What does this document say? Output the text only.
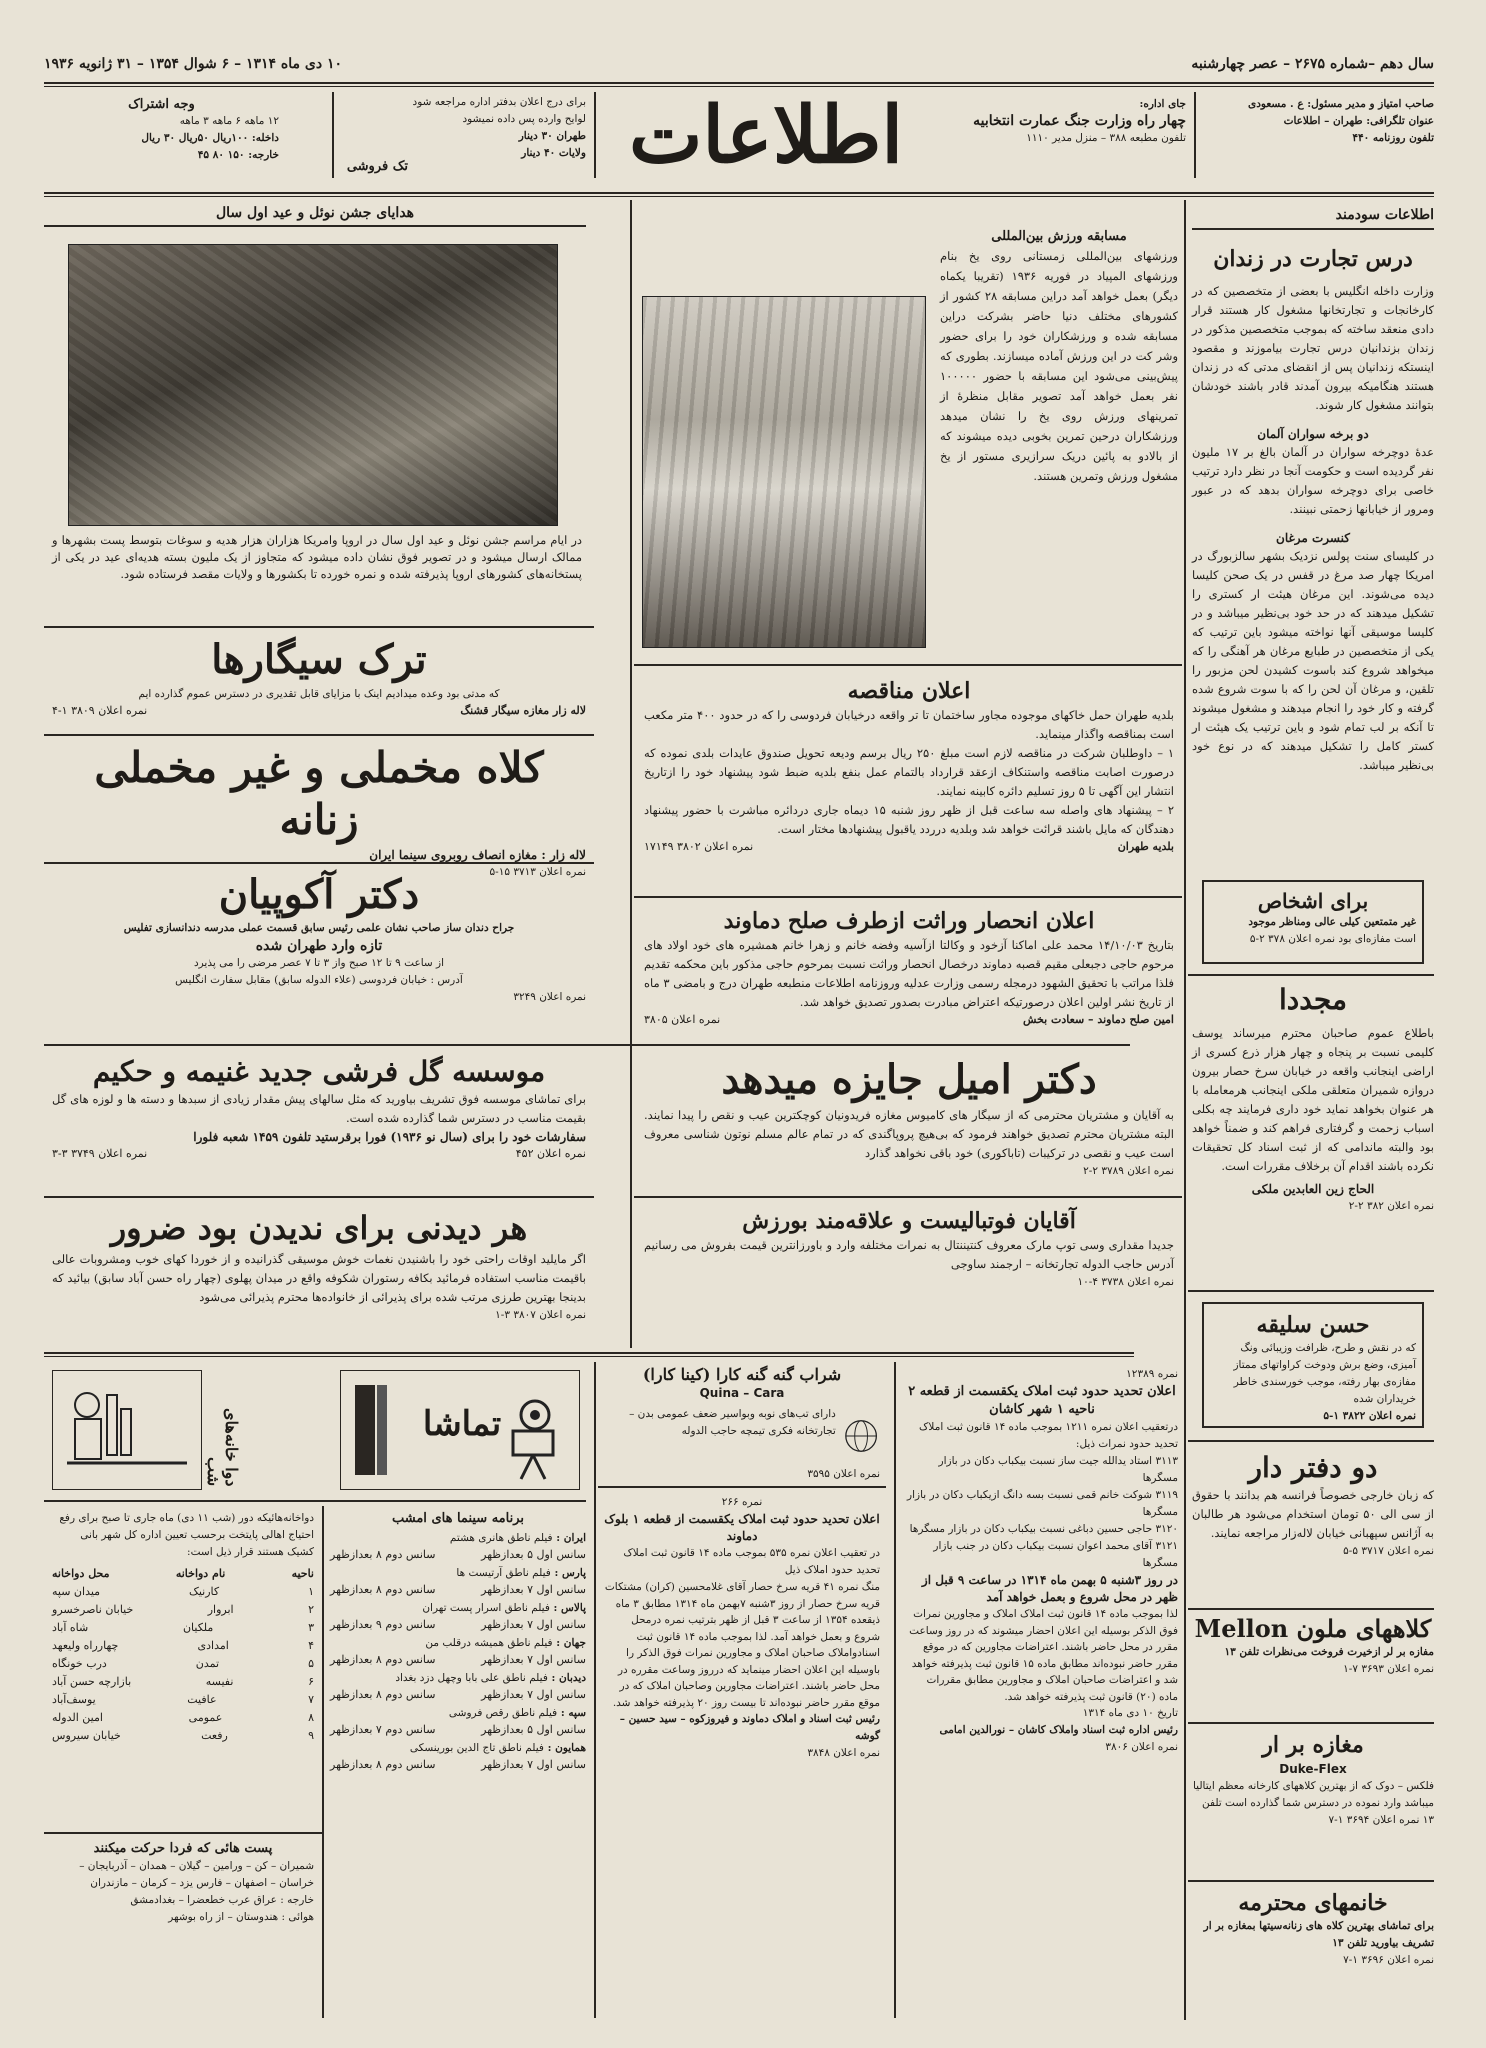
سال دهم –شماره ۲۶۷۵ – عصر چهارشنبه
۱۰ دی ماه ۱۳۱۴ – ۶ شوال ۱۳۵۴ – ۳۱ ژانویه ۱۹۳۶
صاحب امتیاز و مدیر مسئول: ع . مسعودی
عنوان تلگرافی: طهران – اطلاعات
تلفون روزنامه ۴۴۰
جای اداره:
چهار راه وزارت جنگ عمارت انتخابیه
تلفون مطبعه ۳۸۸ – منزل مدیر ۱۱۱۰
اطلاعات
برای درج اعلان بدفتر اداره مراجعه شود
لوایح وارده پس داده نمیشود
طهران ۳۰ دینار
ولایات ۴۰ دینار
تک فروشی
وجه اشتراک
۱۲ ماهه ۶ ماهه ۳ ماهه
داخله: ۱۰۰ریال ۵۰ریال ۳۰ ریال
خارجه: ۱۵۰ ۸۰ ۴۵
اطلاعات سودمند
درس تجارت در زندان
وزارت داخله انگلیس با بعضی از متخصصین که در کارخانجات و تجارتخانها مشغول کار هستند قرار دادی منعقد ساخته که بموجب متخصصین مذکور در زندان بزندانیان درس تجارت بیاموزند و مقصود اینستکه زندانیان پس از انقضای مدتی که در زندان هستند هنگامیکه بیرون آمدند قادر باشند خودشان بتوانند مشغول کار شوند.
دو برخه سواران آلمان
عدهٔ دوچرخه سواران در آلمان بالغ بر ۱۷ ملیون نفر گردیده است و حکومت آنجا در نظر دارد ترتیب خاصی برای دوچرخه سواران بدهد که در عبور ومرور از خیابانها زحمتی نبینند.
کنسرت مرغان
در کلیسای سنت پولس نزدیک بشهر سالزبورگ در امریکا چهار صد مرغ در قفس در یک صحن کلیسا دیده می‌شوند. این مرغان هیئت ار کستری را تشکیل میدهند که در حد خود بی‌نظیر میباشد و در کلیسا موسیقی آنها نواخته میشود باین ترتیب که یکی از متخصصین در طبایع مرغان هر آهنگی را که میخواهد شروع کند باسوت کشیدن لحن مزبور را تلقین، و مرغان آن لحن را که با سوت شروع شده گرفته و کار خود را انجام میدهند و مشغول میشوند تا آنکه بر لب تمام شود و باین ترتیب یک هیئت ار کستر کامل را تشکیل میدهند که در نوع خود بی‌نظیر میباشد.
برای اشخاص
غیر متمتعین کیلی عالی ومناظر موجود
است مفازه‌ای بود نمره اعلان ۳۷۸ ۲-۵
مجددا
باطلاع عموم صاحبان محترم میرساند یوسف کلیمی نسبت بر پنجاه و چهار هزار ذرع کسری از اراضی اینجانب واقعه در خیابان سرخ حصار بیرون دروازه شمیران متعلقی ملکی اینجانب هرمعامله با هر عنوان بخواهد نماید خود داری فرمایند چه بکلی اسباب زحمت و گرفتاری فراهم کند و ضمناً خواهد بود والبته ماندامی که از ثبت اسناد کل تحقیقات نکرده باشند اقدام آن برخلاف مقررات است.
الحاج زین العابدین ملکی
نمره اعلان ۳۸۲ ۲-۲
حسن سلیقه
که در نقش و طرح، ظرافت وزیبائی ونگ آمیزی، وضع برش ودوخت کراواتهای ممتاز مفازه‌ی بهار رفته، موجب خورسندی خاطر خریداران شده
نمره اعلان ۳۸۲۲ ۱-۵
دو دفتر دار
که زبان خارجی خصوصاً فرانسه هم بدانند با حقوق از سی الی ۵۰ تومان استخدام می‌شود هر طالبان به آژانس سپهبانی خیابان لاله‌زار مراجعه نمایند.
نمره اعلان ۳۷۱۷ ۵-۵
کلاههای ملون Mellon
مفازه بر لر ازخیرت فروخت می‌نظرات تلفن ۱۳
نمره اعلان ۳۶۹۳ ۷-۱
مغازه بر ار
Duke-Flex
فلکس – دوک که از بهترین کلاههای کارخانه معظم ایتالیا میباشد وارد نموده در دسترس شما گذارده است تلفن ۱۳ نمره اعلان ۳۶۹۴ ۱-۷
خانمهای محترمه
برای تماشای بهترین کلاه های زنانه‌سیتها بمغازه بر ار تشریف بیاورید تلفن ۱۳
نمره اعلان ۳۶۹۶ ۱-۷
مسابقه ورزش بین‌المللی
ورزشهای بین‌المللی زمستانی روی یخ بنام ورزشهای المپیاد در فوریه ۱۹۳۶ (تقریبا یکماه دیگر) بعمل خواهد آمد دراین مسابقه ۲۸ کشور از کشورهای مختلف دنیا حاضر بشرکت دراین مسابقه شده و ورزشکاران خود را برای حضور وشر کت در این ورزش آماده میسازند. بطوری که پیش‌بینی می‌شود این مسابقه با حضور ۱۰۰۰۰۰ نفر بعمل خواهد آمد تصویر مقابل منظرهٔ از تمرینهای ورزش روی یخ را نشان میدهد ورزشکاران درحین تمرین بخوبی دیده میشوند که از بالادو به پائین دریک سرازیری مستور از یخ مشغول ورزش وتمرین هستند.
اعلان مناقصه
بلدیه طهران حمل خاکهای موجوده مجاور ساختمان تا تر واقعه درخیابان فردوسی را که در حدود ۴۰۰ متر مکعب است بمناقصه واگذار مینماید.
۱ – داوطلبان شرکت در مناقصه لازم است مبلغ ۲۵۰ ریال برسم ودیعه تحویل صندوق عایدات بلدی نموده که درصورت اصابت مناقصه واستنکاف ازعقد قرارداد بالتمام عمل بنفع بلدیه ضبط شود پیشنهاد خود را ازتاریخ انتشار این آگهی تا ۵ روز تسلیم دائره کابینه نمایند.
۲ – پیشنهاد های واصله سه ساعت قبل از ظهر روز شنبه ۱۵ دیماه جاری دردائره مباشرت با حضور پیشنهاد دهندگان که مایل باشند قرائت خواهد شد وبلدیه درردد یاقبول پیشنهادها مختار است.
بلدیه طهران
نمره اعلان ۳۸۰۲ ۱۷۱۴۹
اعلان انحصار وراثت ازطرف صلح دماوند
بتاریخ ۱۴/۱۰/۰۳ محمد علی اماکنا آزخود و وکالتا ازآسیه وفضه خانم و زهرا خانم همشیره های خود اولاد های مرحوم حاجی دجبعلی مقیم قصبه دماوند درخصال انحصار وراثت نسبت بمرحوم حاجی مذکور باین محکمه تقدیم فلذا مراتب با تحقیق الشهود درمجله رسمی وزارت عدلیه وروزنامه اطلاعات منطبعه طهران درج و بامضی ۳ ماه از تاریخ نشر اولین اعلان درصورتیکه اعتراض مبادرت بصدور تصدیق خواهد شد.
امین صلح دماوند – سعادت بخش
نمره اعلان ۳۸۰۵
هدایای جشن نوئل و عید اول سال
در ایام مراسم جشن نوئل و عید اول سال در اروپا وامریکا هزاران هزار هدیه و سوغات بتوسط پست بشهرها و ممالک ارسال میشود و در تصویر فوق نشان داده میشود که متجاوز از یک ملیون بسته هدیه‌ای عید در یکی از پستخانه‌های کشورهای اروپا پذیرفته شده و نمره خورده تا بکشورها و ولایات مقصد فرستاده شود.
ترک سیگارها
که مدتی بود وعده میدادیم اینک با مزایای قابل تقدیری در دسترس عموم گذارده ایم
لاله زار مغازه سیگار قشنگ
نمره اعلان ۳۸۰۹ ۱-۴
کلاه مخملی و غیر مخملی زنانه
لاله زار : مغازه انصاف روبروی سینما ایران
نمره اعلان ۳۷۱۳ ۱۵-۵
دکتر آکوپیان
جراح دندان ساز صاحب نشان علمی رئیس سابق قسمت عملی مدرسه دندانسازی تفلیس
تازه وارد طهران شده
از ساعت ۹ تا ۱۲ صبح واز ۳ تا ۷ عصر مرضی را می پذیرد
آدرس : خیابان فردوسی (علاء الدوله سابق) مقابل سفارت انگلیس
نمره اعلان ۳۲۴۹
دکتر امیل جایزه میدهد
به آقایان و مشتریان محترمی که از سیگار های کامیوس مغازه فریدونیان کوچکترین عیب و نقص را پیدا نمایند. البته مشتریان محترم تصدیق خواهند فرمود که بی‌هیچ پروپاگندی که در تمام عالم مسلم نوتون شناسی معروف است عیب و نقصی در ترکیبات (تاباکوری) خود باقی نخواهد گذارد
نمره اعلان ۳۷۸۹ ۲-۲
موسسه گل فرشی جدید غنیمه و حکیم
برای تماشای موسسه فوق تشریف بیاورید که مثل سالهای پیش مقدار زیادی از سبدها و دسته ها و لوزه های گل بقیمت مناسب در دسترس شما گذارده شده است.
سفارشات خود را برای (سال نو ۱۹۳۶) فورا برقرستید تلفون ۱۴۵۹ شعبه فلورا
نمره اعلان ۴۵۲
نمره اعلان ۳۷۴۹ ۳-۳
آقایان فوتبالیست و علاقه‌مند بورزش
جدیدا مقداری وسی توپ مارک معروف کنتیننتال به نمرات مختلفه وارد و باورزانترین قیمت بفروش می رسانیم آدرس حاجب الدوله تجارتخانه – ارجمند ساوجی
نمره اعلان ۳۷۳۸ ۴-۱۰
هر دیدنی برای ندیدن بود ضرور
اگر مایلید اوقات راحتی خود را باشنیدن نغمات خوش موسیقی گذرانیده و از خوردا کهای خوب ومشروبات عالی باقیمت مناسب استفاده فرمائید بکافه رستوران شکوفه واقع در میدان پهلوی (چهار راه حسن آباد سابق) بیائید که بدینجا بهترین طرزی مرتب شده برای پذیرائی از خانواده‌ها محترم پذیرائی می‌شود
نمره اعلان ۳۸۰۷ ۳-۱
دوا خانه‌های شب
تماشا
دواخانه‌هائیکه دور (شب ۱۱ دی) ماه جاری تا صبح برای رفع احتیاج اهالی پایتخت برحسب تعیین اداره کل شهر بانی کشیک هستند قرار ذیل است:
ناحیه
نام دواخانه
محل دواخانه
۱
کارنیک
میدان سپه
۲
ابروار
خیابان ناصرخسرو
۳
ملکیان
شاه آباد
۴
امدادی
چهارراه ولیعهد
۵
تمدن
درب خونگاه
۶
نفیسه
بازارچه حسن آباد
۷
عافیت
یوسف‌آباد
۸
عمومی
امین الدوله
۹
رفعت
خیابان سیروس
پست هائی که فردا حرکت میکنند
شمیران – کن – ورامین – گیلان – همدان – آذربایجان – خراسان – اصفهان – فارس یزد – کرمان – مازندران
خارجه : عراق عرب خطعضرا – بغدادمشق
هوائی : هندوستان – از راه بوشهر
برنامه سینما های امشب
ایران : فیلم ناطق هانری هشتم
سانس اول ۵ بعدازظهر
سانس دوم ۸ بعدازظهر
پارس : فیلم ناطق آرتیست ها
سانس اول ۷ بعدازظهر
سانس دوم ۸ بعدازظهر
پالاس : فیلم ناطق اسرار پست تهران
سانس اول ۷ بعدازظهر
سانس دوم ۹ بعدازظهر
جهان : فیلم ناطق همیشه درقلب من
سانس اول ۷ بعدازظهر
سانس دوم ۸ بعدازظهر
دیدبان : فیلم ناطق علی بابا وچهل دزد بغداد
سانس اول ۷ بعدازظهر
سانس دوم ۸ بعدازظهر
سپه : فیلم ناطق رقص فروشی
سانس اول ۵ بعدازظهر
سانس دوم ۷ بعدازظهر
همایون : فیلم ناطق تاج الدین بورینسکی
سانس اول ۷ بعدازظهر
سانس دوم ۸ بعدازظهر
شراب گنه گنه کارا (کینا کارا)
Quina – Cara
دارای تب‌های نوبه وبواسیر ضعف عمومی بدن – تجارتخانه فکری تیمچه حاجب الدوله
نمره اعلان ۳۵۹۵
نمره ۲۶۶
اعلان تحدید حدود ثبت املاک یکقسمت از قطعه ۱ بلوک دماوند
در تعقیب اعلان نمره ۵۳۵ بموجب ماده ۱۴ قانون ثبت املاک تحدید حدود املاک ذیل
منگ نمره ۴۱ قریه سرخ حصار آقای غلامحسین (کران) مشتکات قریه سرخ حصار از روز ۳شنبه ۷بهمن ماه ۱۳۱۴ مطابق ۳ ماه ذیقعده ۱۳۵۴ از ساعت ۳ قبل از ظهر بترتیب نمره درمحل شروع و بعمل خواهد آمد. لذا بموجب ماده ۱۴ قانون ثبت اسنادواملاک صاحبان املاک و مجاورین نمرات فوق الذکر را باوسیله این اعلان احضار مینماید که درروز وساعت مقرره در محل حاضر باشند. اعتراضات مجاورین وصاحبان املاک که در موقع مقرر حاضر نبوده‌اند تا بیست روز ۲۰ پذیرفته خواهد شد.
رئیس ثبت اسناد و املاک دماوند و فیروزکوه – سید حسین – گوشه
نمره اعلان ۳۸۴۸
نمره ۱۲۳۸۹
اعلان تحدید حدود ثبت املاک یکقسمت از قطعه ۲ ناحیه ۱ شهر کاشان
درتعقیب اعلان نمره ۱۲۱۱ بموجب ماده ۱۴ قانون ثبت املاک تحدید حدود نمرات ذیل:
۳۱۱۳ استاد یدالله جیت ساز نسبت بیکباب دکان در بازار مسگرها
۳۱۱۹ شوکت خانم قمی نسبت بسه دانگ ازیکباب دکان در بازار مسگرها
۳۱۲۰ حاجی حسین دباغی نسبت بیکباب دکان در بازار مسگرها
۳۱۲۱ آقای محمد اعوان نسبت بیکباب دکان در جنب بازار مسگرها
در روز ۳شنبه ۵ بهمن ماه ۱۳۱۴ در ساعت ۹ قبل از ظهر در محل شروع و بعمل خواهد آمد
لذا بموجب ماده ۱۴ قانون ثبت املاک املاک و مجاورین نمرات فوق الذکر بوسیله این اعلان احضار میشوند که در روز وساعت مقرر در محل حاضر باشند. اعتراضات مجاورین که در موقع مقرر حاضر نبوده‌اند مطابق ماده ۱۵ قانون ثبت پذیرفته خواهد شد و اعتراضات صاحبان املاک و مجاورین مطابق مقررات ماده (۲۰) قانون ثبت پذیرفته خواهد شد.
تاریخ ۱۰ دی ماه ۱۳۱۴
رئیس اداره ثبت اسناد واملاک کاشان – نورالدین امامی
نمره اعلان ۳۸۰۶
